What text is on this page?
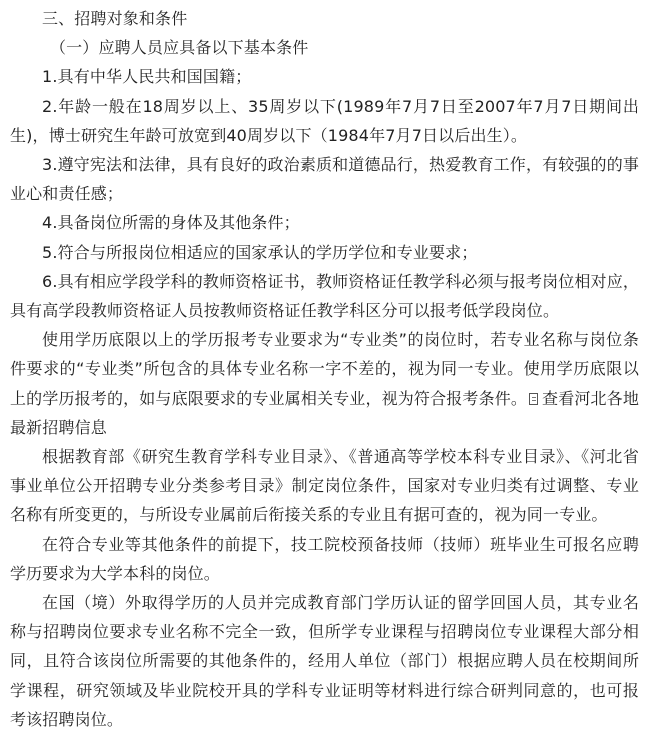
三、招聘对象和条件

（一）应聘人员应具备以下基本条件

1.具有中华人民共和国国籍；

2.年龄一般在18周岁以上、35周岁以下(1989年7月7日至2007年7月7日期间出生)，博士研究生年龄可放宽到40周岁以下（1984年7月7日以后出生）。

3.遵守宪法和法律，具有良好的政治素质和道德品行，热爱教育工作，有较强的的事业心和责任感；

4.具备岗位所需的身体及其他条件；

5.符合与所报岗位相适应的国家承认的学历学位和专业要求；

6.具有相应学段学科的教师资格证书，教师资格证任教学科必须与报考岗位相对应，具有高学段教师资格证人员按教师资格证任教学科区分可以报考低学段岗位。

使用学历底限以上的学历报考专业要求为“专业类”的岗位时，若专业名称与岗位条件要求的“专业类”所包含的具体专业名称一字不差的，视为同一专业。使用学历底限以上的学历报考的，如与底限要求的专业属相关专业，视为符合报考条件。 查看河北各地最新招聘信息

根据教育部《研究生教育学科专业目录》、《普通高等学校本科专业目录》、《河北省事业单位公开招聘专业分类参考目录》制定岗位条件，国家对专业归类有过调整、专业名称有所变更的，与所设专业属前后衔接关系的专业且有据可查的，视为同一专业。

在符合专业等其他条件的前提下，技工院校预备技师（技师）班毕业生可报名应聘学历要求为大学本科的岗位。

在国（境）外取得学历的人员并完成教育部门学历认证的留学回国人员，其专业名称与招聘岗位要求专业名称不完全一致，但所学专业课程与招聘岗位专业课程大部分相同，且符合该岗位所需要的其他条件的，经用人单位（部门）根据应聘人员在校期间所学课程，研究领域及毕业院校开具的学科专业证明等材料进行综合研判同意的，也可报考该招聘岗位。
